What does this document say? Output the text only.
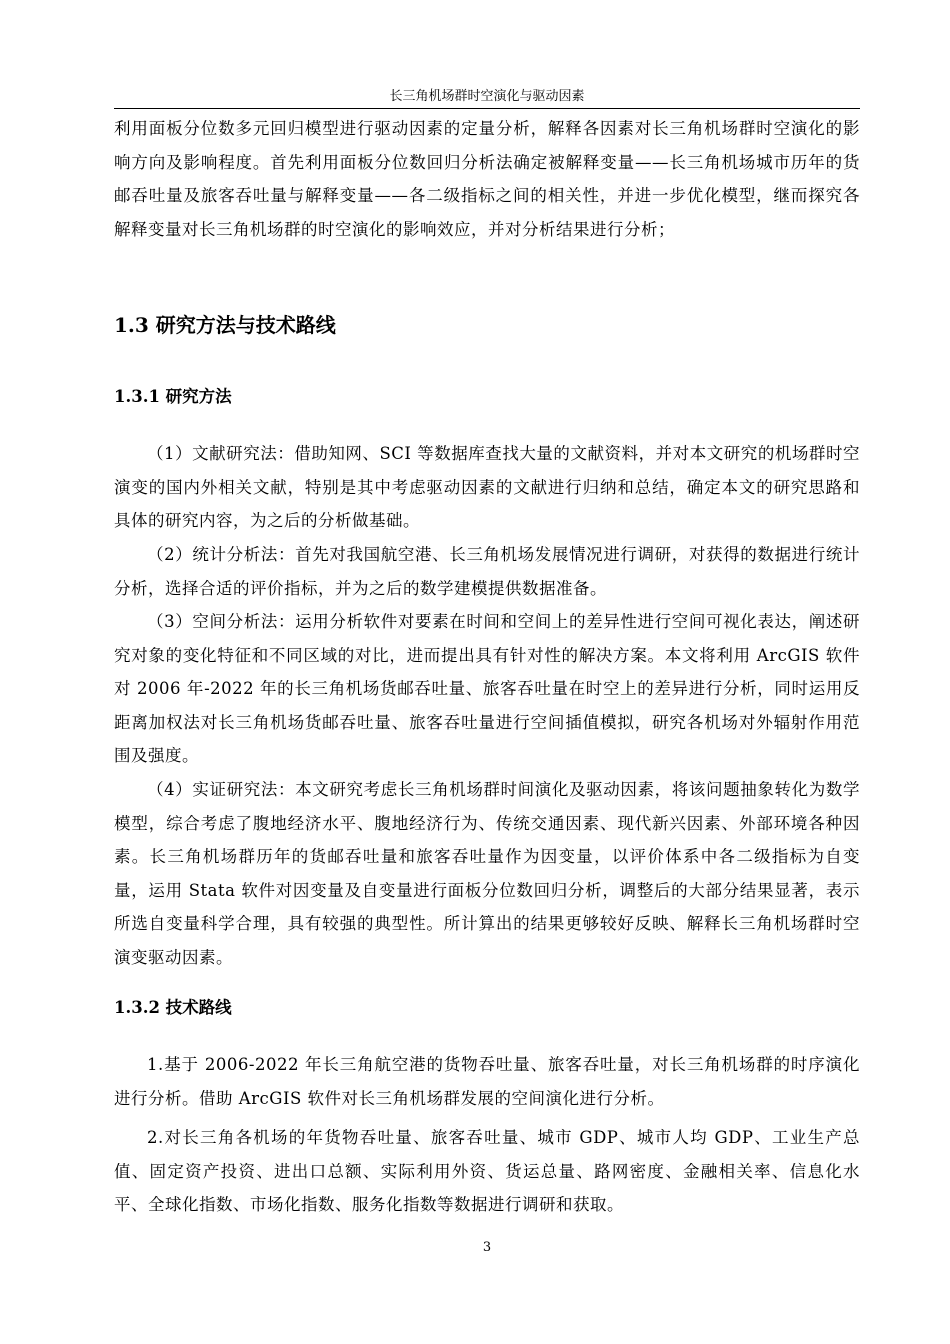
长三角机场群时空演化与驱动因素

利用面板分位数多元回归模型进行驱动因素的定量分析，解释各因素对长三角机场群时空演化的影响方向及影响程度。首先利用面板分位数回归分析法确定被解释变量——长三角机场城市历年的货邮吞吐量及旅客吞吐量与解释变量——各二级指标之间的相关性，并进一步优化模型，继而探究各解释变量对长三角机场群的时空演化的影响效应，并对分析结果进行分析；

1.3 研究方法与技术路线
1.3.1 研究方法

（1）文献研究法：借助知网、SCI 等数据库查找大量的文献资料，并对本文研究的机场群时空演变的国内外相关文献，特别是其中考虑驱动因素的文献进行归纳和总结，确定本文的研究思路和具体的研究内容，为之后的分析做基础。

（2）统计分析法：首先对我国航空港、长三角机场发展情况进行调研，对获得的数据进行统计分析，选择合适的评价指标，并为之后的数学建模提供数据准备。

（3）空间分析法：运用分析软件对要素在时间和空间上的差异性进行空间可视化表达，阐述研究对象的变化特征和不同区域的对比，进而提出具有针对性的解决方案。本文将利用 ArcGIS 软件对 2006 年-2022 年的长三角机场货邮吞吐量、旅客吞吐量在时空上的差异进行分析，同时运用反距离加权法对长三角机场货邮吞吐量、旅客吞吐量进行空间插值模拟，研究各机场对外辐射作用范围及强度。

（4）实证研究法：本文研究考虑长三角机场群时间演化及驱动因素，将该问题抽象转化为数学模型，综合考虑了腹地经济水平、腹地经济行为、传统交通因素、现代新兴因素、外部环境各种因素。长三角机场群历年的货邮吞吐量和旅客吞吐量作为因变量，以评价体系中各二级指标为自变量，运用 Stata 软件对因变量及自变量进行面板分位数回归分析，调整后的大部分结果显著，表示所选自变量科学合理，具有较强的典型性。所计算出的结果更够较好反映、解释长三角机场群时空演变驱动因素。

1.3.2 技术路线

1.基于 2006-2022 年长三角航空港的货物吞吐量、旅客吞吐量，对长三角机场群的时序演化进行分析。借助 ArcGIS 软件对长三角机场群发展的空间演化进行分析。

2.对长三角各机场的年货物吞吐量、旅客吞吐量、城市 GDP、城市人均 GDP、工业生产总值、固定资产投资、进出口总额、实际利用外资、货运总量、路网密度、金融相关率、信息化水平、全球化指数、市场化指数、服务化指数等数据进行调研和获取。

3
